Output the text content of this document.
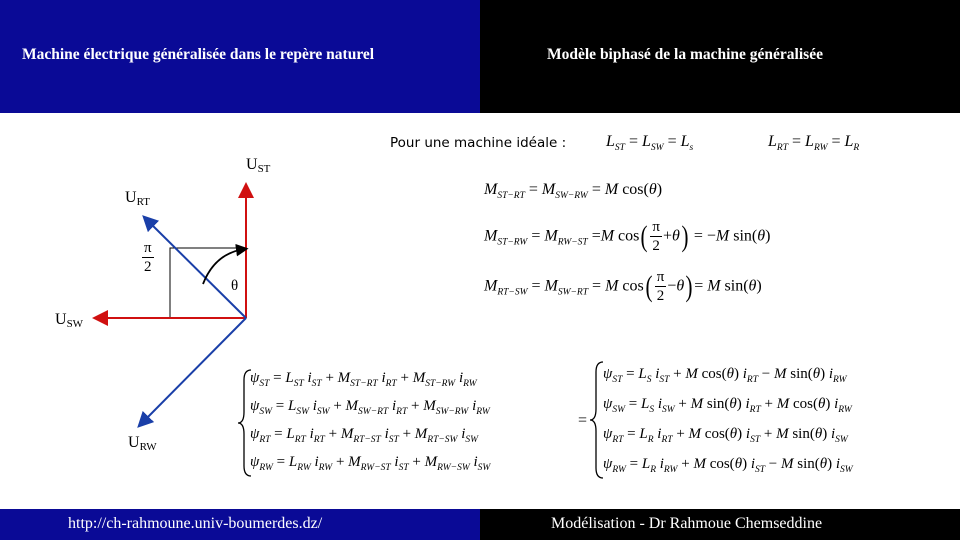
Machine électrique généralisée dans le repère naturel	Modèle biphasé de la machine généralisée
$U_{ST}$
$U_{RT}$
$U_{SW}$
$U_{RW}$
θ
$\frac{\pi}{2}$
Pour une machine idéale : $L_{ST} = L_{SW} = L_s$	$L_{RT} = L_{RW} = L_R$
$M_{ST-RT} = M_{SW-RW} = M$ cos(θ)
$M_{ST-RW} = M_{RW-ST} =M$ $\cos( \frac{\pi}{2} +\theta) = -M$ sin(θ)
$M_{RT-SW} = M_{SW-RT} = M$ $\cos( \frac{\pi}{2} -\theta)= M$ sin(θ)
$\psi_{ST} = L_{ST}$ $i_{ST} + M_{ST-RT}$ $i_{RT} + M_{ST-RW}$ $i_{RW}$
$\psi_{SW} = L_{SW}$ $i_{SW} + M_{SW-RT}$ $i_{RT} + M_{SW-RW}$ $i_{RW}$
$\psi_{RT} = L_{RT}$ $i_{RT} + M_{RT-ST}$ $i_{ST} + M_{RT-SW}$ $i_{SW}$
$\psi_{RW} = L_{RW}$ $i_{RW} + M_{RW-ST}$ $i_{ST} + M_{RW-SW}$ $i_{SW}$
=
$\psi_{ST} = L_S$ $i_{ST} + M$ cos(θ) $i_{RT} - M$ sin(θ) $i_{RW}$
$\psi_{SW} = L_S$ $i_{SW} + M$ sin(θ) $i_{RT} + M$ cos(θ) $i_{RW}$
$\psi_{RT} = L_R$ $i_{RT} + M$ cos(θ) $i_{ST} + M$ sin(θ) $i_{SW}$
$\psi_{RW} = L_R$ $i_{RW} + M$ cos(θ) $i_{ST} - M$ sin(θ) $i_{SW}$
http://ch-rahmoune.univ-boumerdes.dz/	Modélisation - Dr Rahmoue Chemseddine
